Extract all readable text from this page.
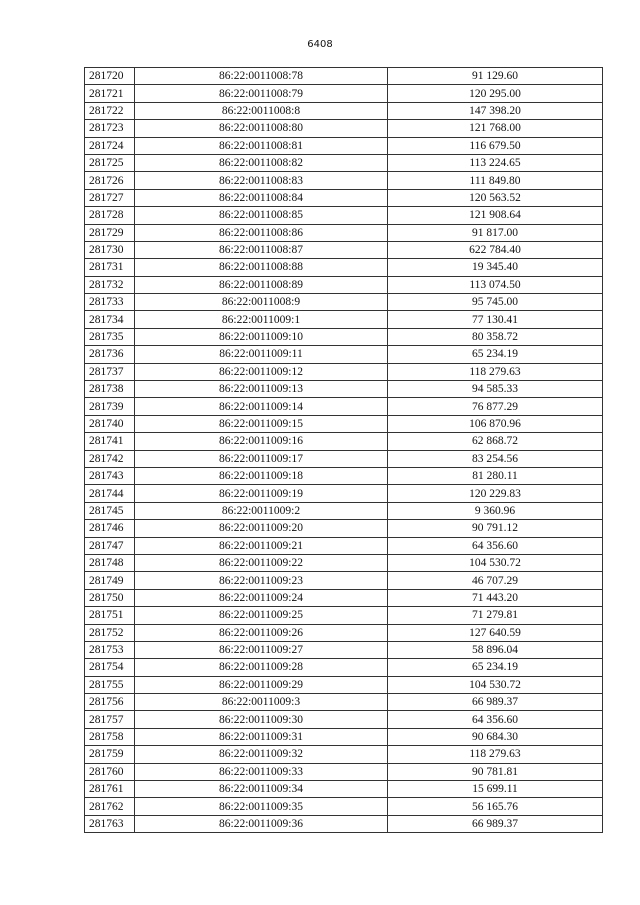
6408
281720	86:22:0011008:78	91 129.60
281721	86:22:0011008:79	120 295.00
281722	86:22:0011008:8	147 398.20
281723	86:22:0011008:80	121 768.00
281724	86:22:0011008:81	116 679.50
281725	86:22:0011008:82	113 224.65
281726	86:22:0011008:83	111 849.80
281727	86:22:0011008:84	120 563.52
281728	86:22:0011008:85	121 908.64
281729	86:22:0011008:86	91 817.00
281730	86:22:0011008:87	622 784.40
281731	86:22:0011008:88	19 345.40
281732	86:22:0011008:89	113 074.50
281733	86:22:0011008:9	95 745.00
281734	86:22:0011009:1	77 130.41
281735	86:22:0011009:10	80 358.72
281736	86:22:0011009:11	65 234.19
281737	86:22:0011009:12	118 279.63
281738	86:22:0011009:13	94 585.33
281739	86:22:0011009:14	76 877.29
281740	86:22:0011009:15	106 870.96
281741	86:22:0011009:16	62 868.72
281742	86:22:0011009:17	83 254.56
281743	86:22:0011009:18	81 280.11
281744	86:22:0011009:19	120 229.83
281745	86:22:0011009:2	9 360.96
281746	86:22:0011009:20	90 791.12
281747	86:22:0011009:21	64 356.60
281748	86:22:0011009:22	104 530.72
281749	86:22:0011009:23	46 707.29
281750	86:22:0011009:24	71 443.20
281751	86:22:0011009:25	71 279.81
281752	86:22:0011009:26	127 640.59
281753	86:22:0011009:27	58 896.04
281754	86:22:0011009:28	65 234.19
281755	86:22:0011009:29	104 530.72
281756	86:22:0011009:3	66 989.37
281757	86:22:0011009:30	64 356.60
281758	86:22:0011009:31	90 684.30
281759	86:22:0011009:32	118 279.63
281760	86:22:0011009:33	90 781.81
281761	86:22:0011009:34	15 699.11
281762	86:22:0011009:35	56 165.76
281763	86:22:0011009:36	66 989.37
